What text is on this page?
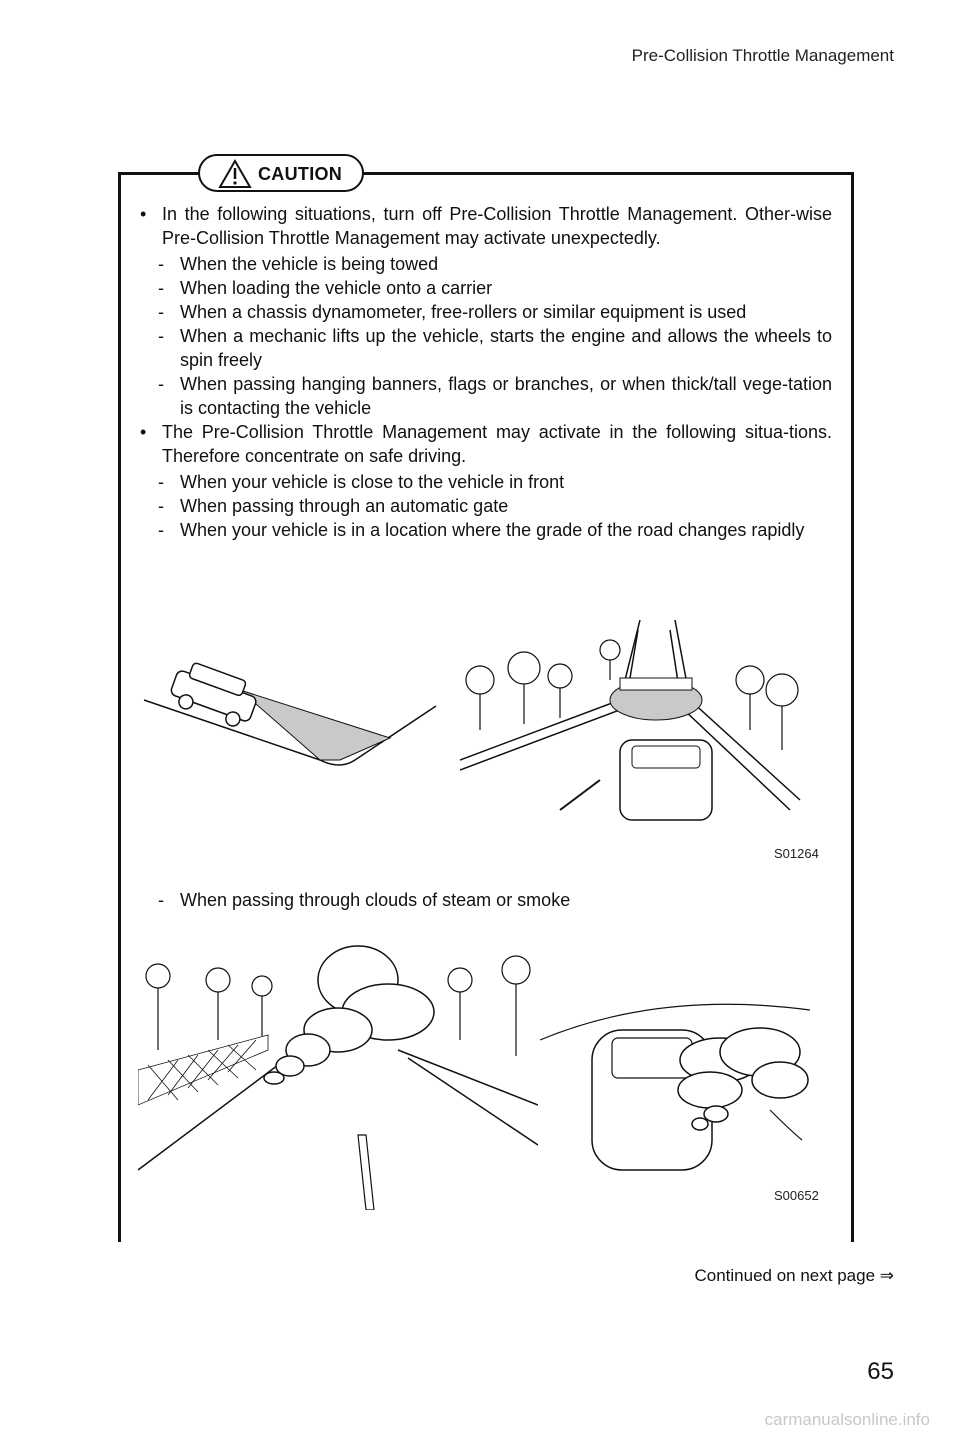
Pre-Collision Throttle Management
CAUTION
• In the following situations, turn off Pre-Collision Throttle Management. Other-wise Pre-Collision Throttle Management may activate unexpectedly.
- When the vehicle is being towed
- When loading the vehicle onto a carrier
- When a chassis dynamometer, free-rollers or similar equipment is used
- When a mechanic lifts up the vehicle, starts the engine and allows the wheels to spin freely
- When passing hanging banners, flags or branches, or when thick/tall vege-tation is contacting the vehicle
• The Pre-Collision Throttle Management may activate in the following situa-tions. Therefore concentrate on safe driving.
- When your vehicle is close to the vehicle in front
- When passing through an automatic gate
- When your vehicle is in a location where the grade of the road changes rapidly
S01264
- When passing through clouds of steam or smoke
S00652
Continued on next page ⇒
65
carmanualsonline.info
